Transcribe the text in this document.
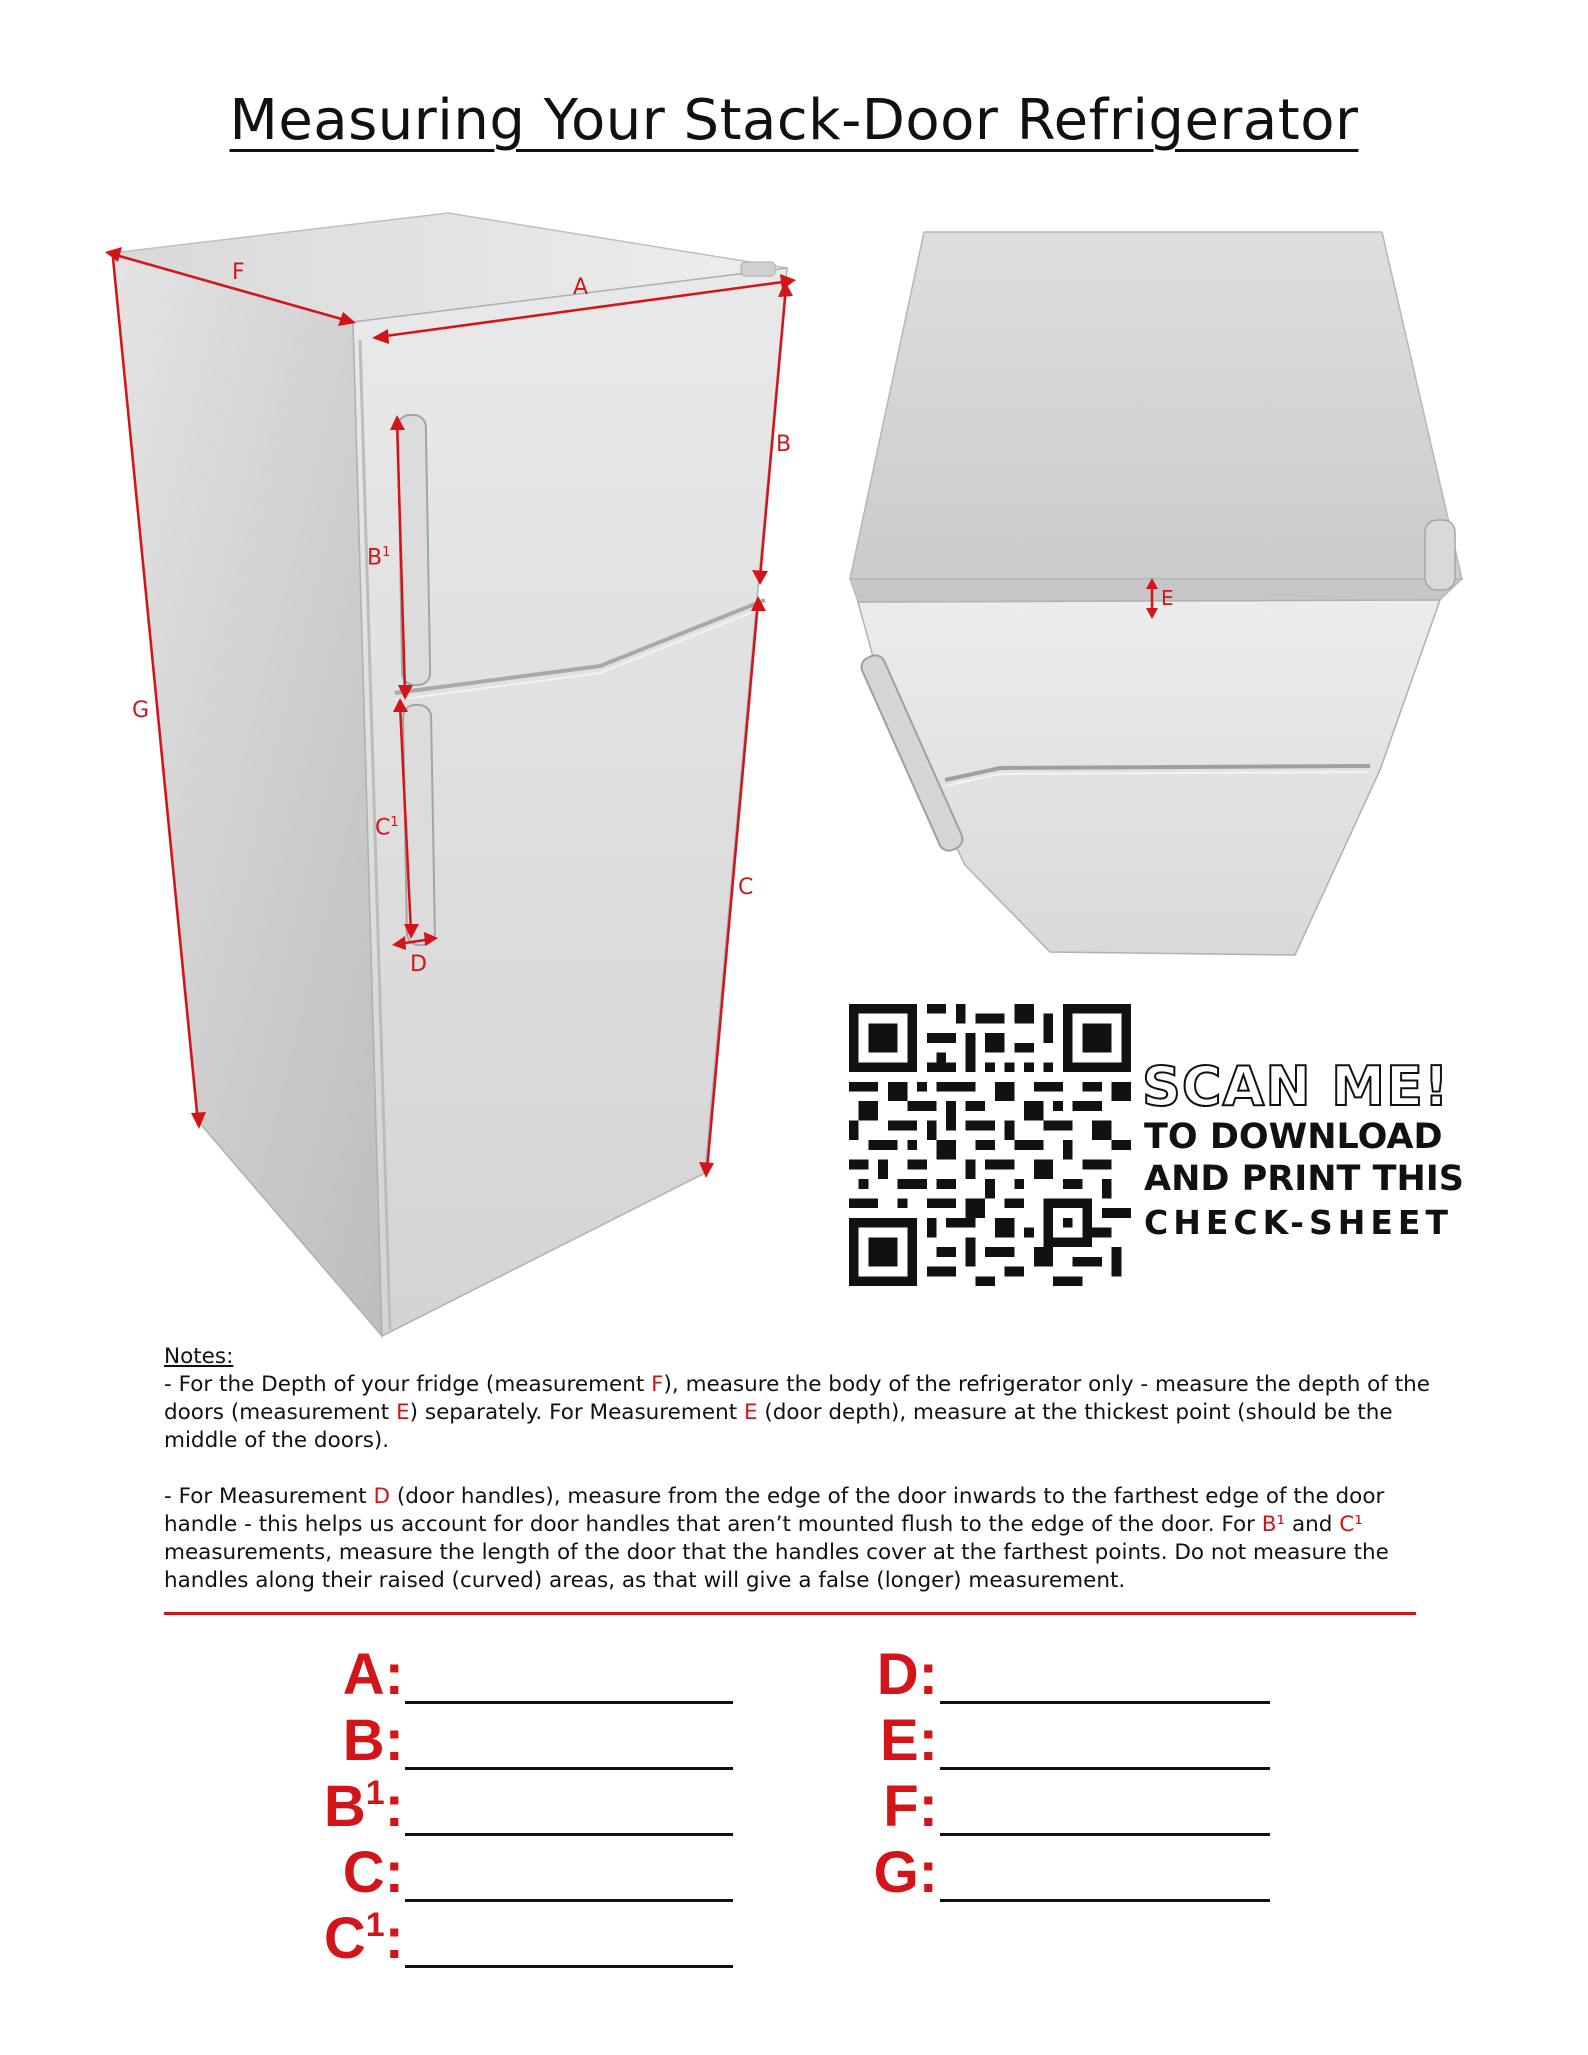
Measuring Your Stack-Door Refrigerator
F
A
B
$B^1$
G
$C^1$
C
D
E
SCAN ME!
TO DOWNLOAD
AND PRINT THIS
CHECK-SHEET
Notes:

- For the Depth of your fridge (measurement F), measure the body of the refrigerator only - measure the depth of the doors (measurement E) separately. For Measurement E (door depth), measure at the thickest point (should be the middle of the doors).

- For Measurement D (door handles), measure from the edge of the door inwards to the farthest edge of the door handle - this helps us account for door handles that aren’t mounted flush to the edge of the door. For B¹ and C¹ measurements, measure the length of the door that the handles cover at the farthest points. Do not measure the handles along their raised (curved) areas, as that will give a false (longer) measurement.

A:
B:
$B^1$:
C:
$C^1$:
D:
E:
F:
G:
